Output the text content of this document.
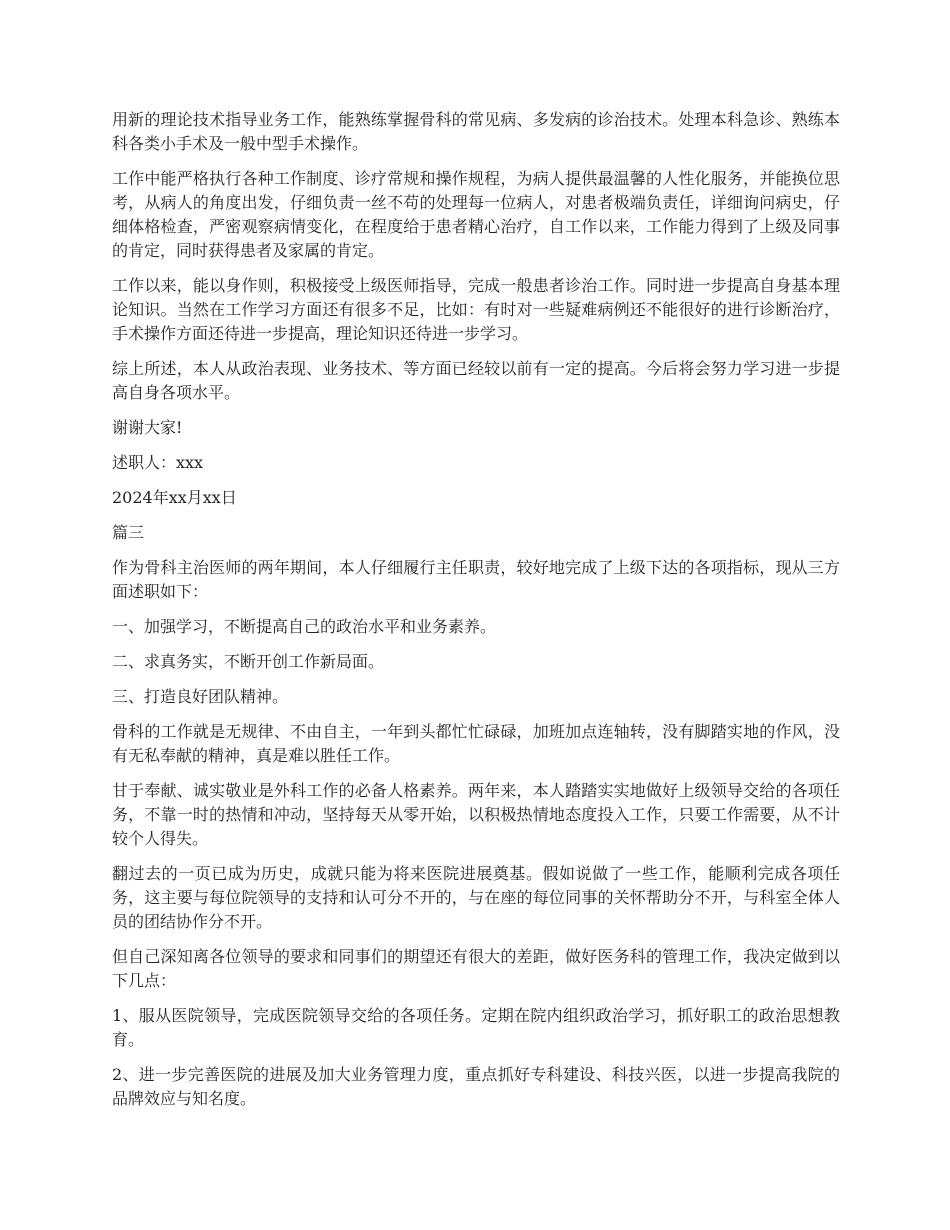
用新的理论技术指导业务工作，能熟练掌握骨科的常见病、多发病的诊治技术。处理本科急诊、熟练本科各类小手术及一般中型手术操作。

工作中能严格执行各种工作制度、诊疗常规和操作规程，为病人提供最温馨的人性化服务，并能换位思考，从病人的角度出发，仔细负责一丝不苟的处理每一位病人，对患者极端负责任，详细询问病史，仔细体格检查，严密观察病情变化，在程度给于患者精心治疗，自工作以来，工作能力得到了上级及同事的肯定，同时获得患者及家属的肯定。

工作以来，能以身作则，积极接受上级医师指导，完成一般患者诊治工作。同时进一步提高自身基本理论知识。当然在工作学习方面还有很多不足，比如：有时对一些疑难病例还不能很好的进行诊断治疗，手术操作方面还待进一步提高，理论知识还待进一步学习。

综上所述，本人从政治表现、业务技术、等方面已经较以前有一定的提高。今后将会努力学习进一步提高自身各项水平。

谢谢大家!

述职人：xxx

2024年xx月xx日

篇三

作为骨科主治医师的两年期间，本人仔细履行主任职责，较好地完成了上级下达的各项指标，现从三方面述职如下：

一、加强学习，不断提高自己的政治水平和业务素养。

二、求真务实，不断开创工作新局面。

三、打造良好团队精神。

骨科的工作就是无规律、不由自主，一年到头都忙忙碌碌，加班加点连轴转，没有脚踏实地的作风，没有无私奉献的精神，真是难以胜任工作。

甘于奉献、诚实敬业是外科工作的必备人格素养。两年来，本人踏踏实实地做好上级领导交给的各项任务，不靠一时的热情和冲动，坚持每天从零开始，以积极热情地态度投入工作，只要工作需要，从不计较个人得失。

翻过去的一页已成为历史，成就只能为将来医院进展奠基。假如说做了一些工作，能顺利完成各项任务，这主要与每位院领导的支持和认可分不开的，与在座的每位同事的关怀帮助分不开，与科室全体人员的团结协作分不开。

但自己深知离各位领导的要求和同事们的期望还有很大的差距，做好医务科的管理工作，我决定做到以下几点：

1、服从医院领导，完成医院领导交给的各项任务。定期在院内组织政治学习，抓好职工的政治思想教育。

2、进一步完善医院的进展及加大业务管理力度，重点抓好专科建设、科技兴医，以进一步提高我院的品牌效应与知名度。
